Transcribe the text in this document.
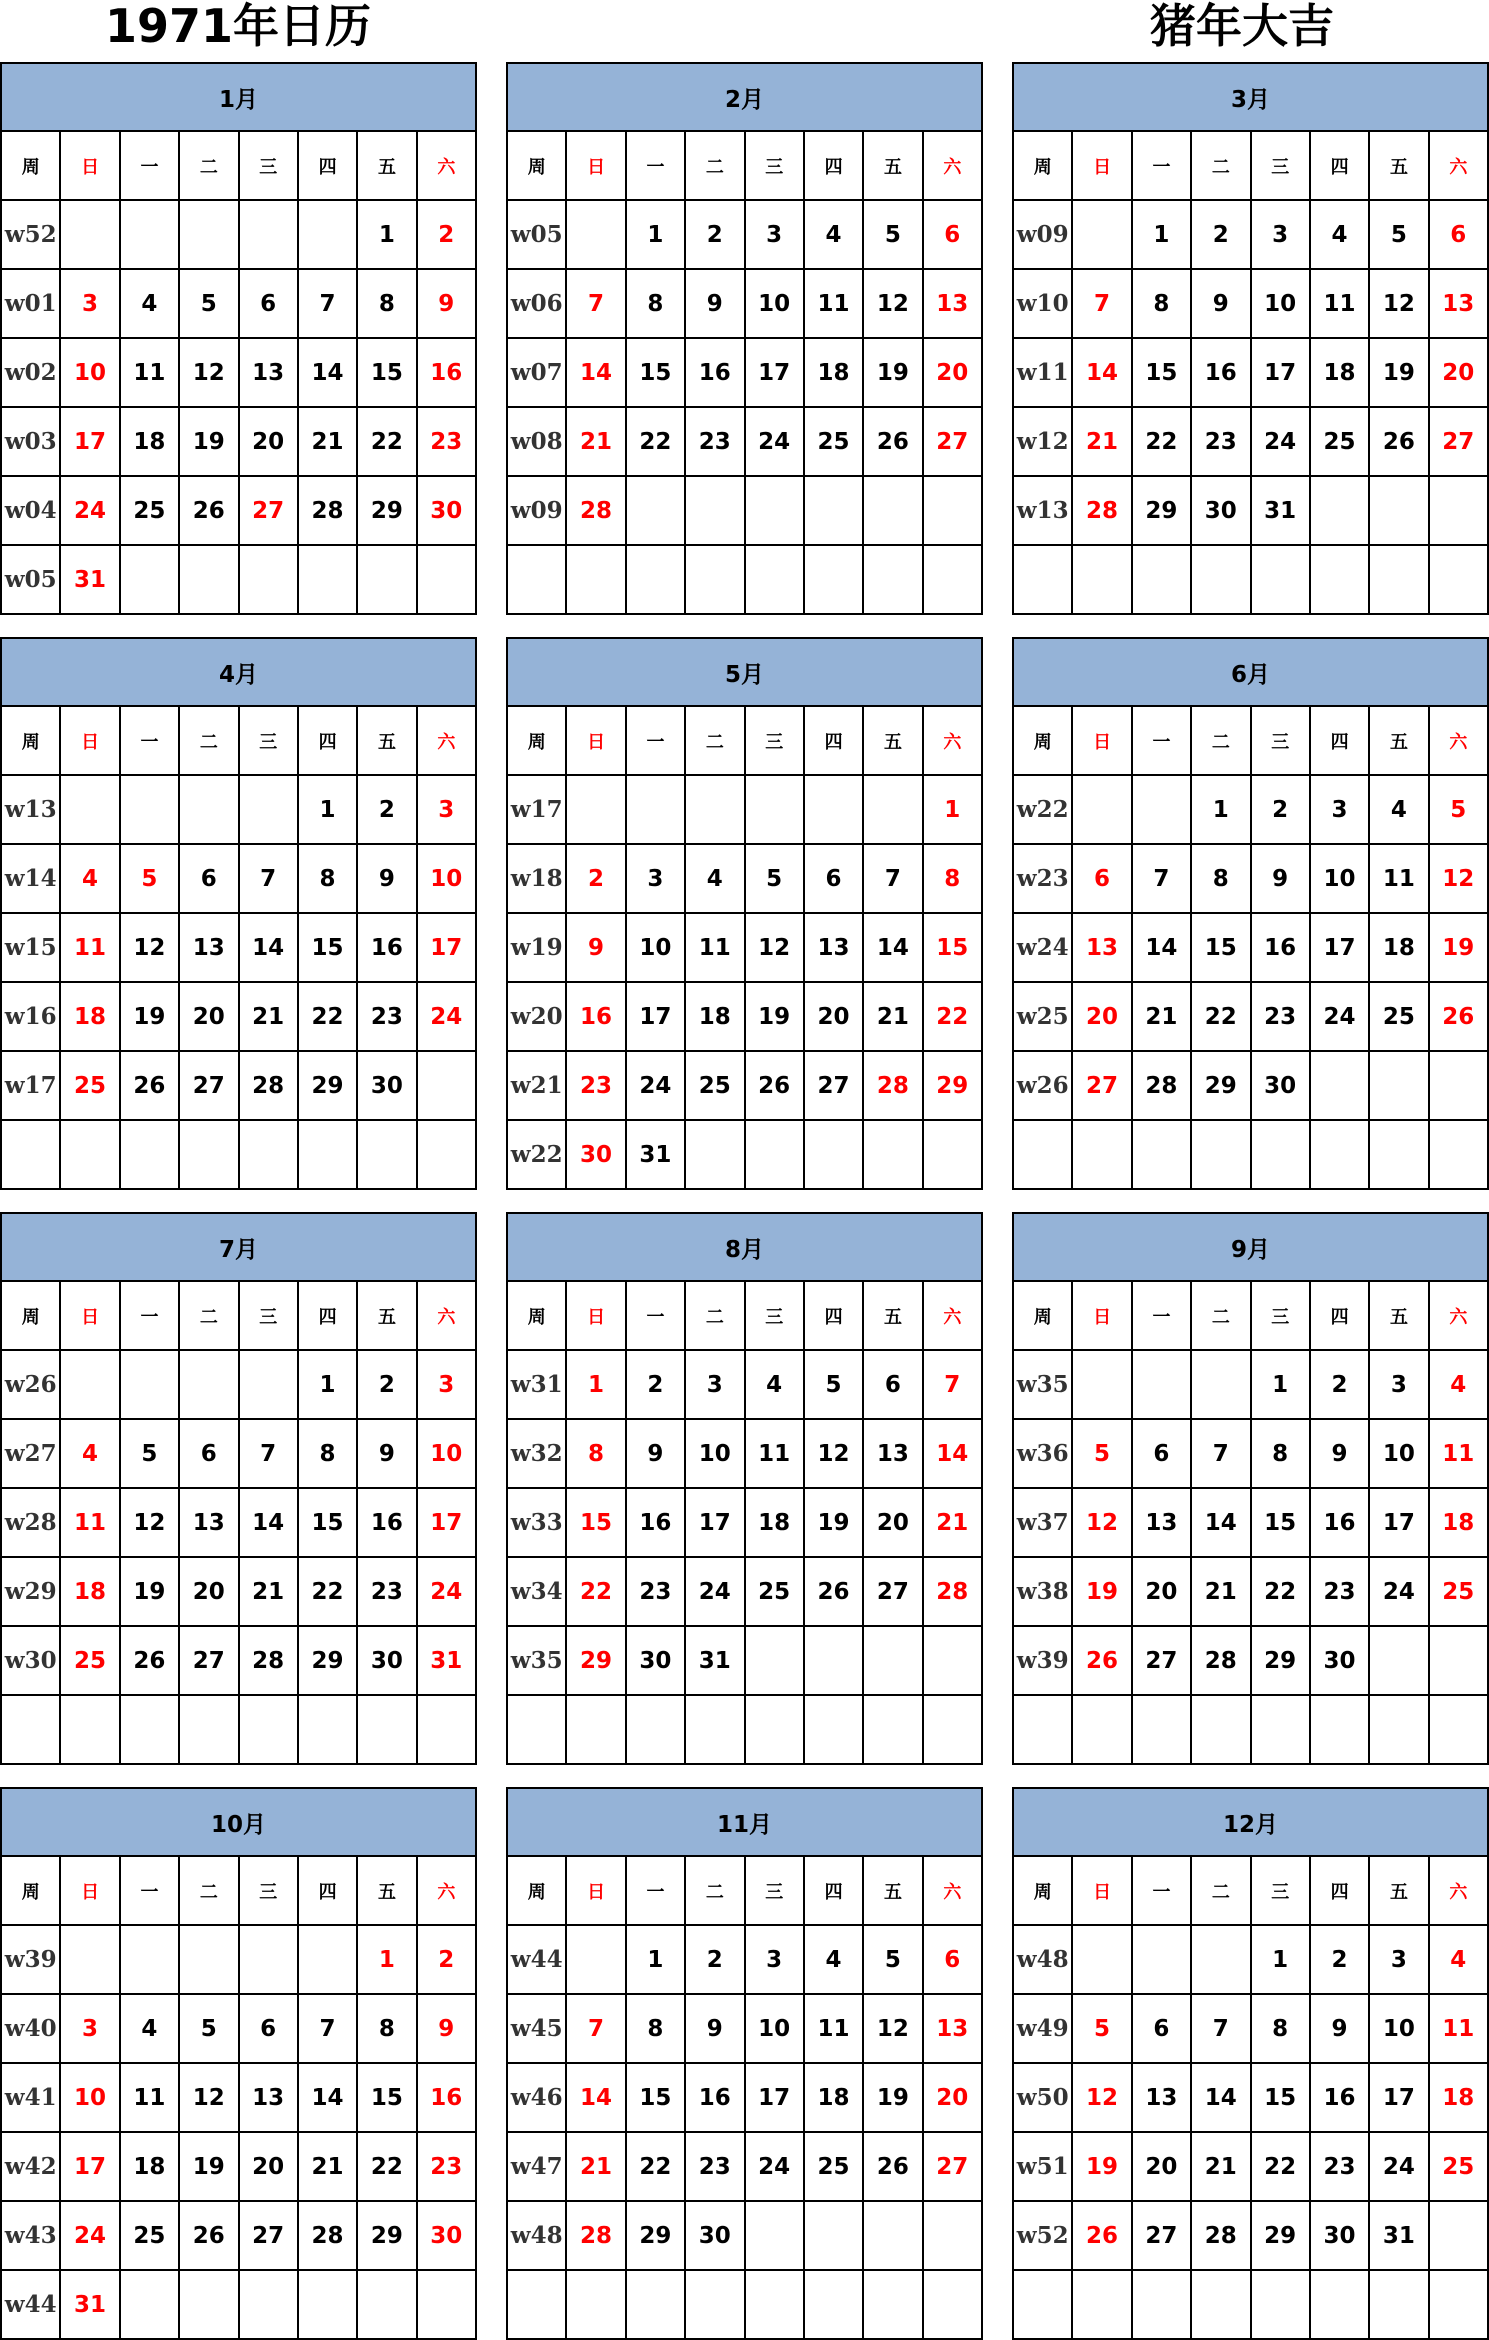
1971年日历	猪年大吉
1月							
周	日	一	二	三	四	五	六
w52						1	2
w01	3	4	5	6	7	8	9
w02	10	11	12	13	14	15	16
w03	17	18	19	20	21	22	23
w04	24	25	26	27	28	29	30
w05	31						
2月							
周	日	一	二	三	四	五	六
w05		1	2	3	4	5	6
w06	7	8	9	10	11	12	13
w07	14	15	16	17	18	19	20
w08	21	22	23	24	25	26	27
w09	28						

3月							
周	日	一	二	三	四	五	六
w09		1	2	3	4	5	6
w10	7	8	9	10	11	12	13
w11	14	15	16	17	18	19	20
w12	21	22	23	24	25	26	27
w13	28	29	30	31			

4月							
周	日	一	二	三	四	五	六
w13					1	2	3
w14	4	5	6	7	8	9	10
w15	11	12	13	14	15	16	17
w16	18	19	20	21	22	23	24
w17	25	26	27	28	29	30	

5月							
周	日	一	二	三	四	五	六
w17							1
w18	2	3	4	5	6	7	8
w19	9	10	11	12	13	14	15
w20	16	17	18	19	20	21	22
w21	23	24	25	26	27	28	29
w22	30	31					
6月							
周	日	一	二	三	四	五	六
w22			1	2	3	4	5
w23	6	7	8	9	10	11	12
w24	13	14	15	16	17	18	19
w25	20	21	22	23	24	25	26
w26	27	28	29	30			

7月							
周	日	一	二	三	四	五	六
w26					1	2	3
w27	4	5	6	7	8	9	10
w28	11	12	13	14	15	16	17
w29	18	19	20	21	22	23	24
w30	25	26	27	28	29	30	31

8月							
周	日	一	二	三	四	五	六
w31	1	2	3	4	5	6	7
w32	8	9	10	11	12	13	14
w33	15	16	17	18	19	20	21
w34	22	23	24	25	26	27	28
w35	29	30	31				

9月							
周	日	一	二	三	四	五	六
w35				1	2	3	4
w36	5	6	7	8	9	10	11
w37	12	13	14	15	16	17	18
w38	19	20	21	22	23	24	25
w39	26	27	28	29	30		

10月							
周	日	一	二	三	四	五	六
w39						1	2
w40	3	4	5	6	7	8	9
w41	10	11	12	13	14	15	16
w42	17	18	19	20	21	22	23
w43	24	25	26	27	28	29	30
w44	31						
11月							
周	日	一	二	三	四	五	六
w44		1	2	3	4	5	6
w45	7	8	9	10	11	12	13
w46	14	15	16	17	18	19	20
w47	21	22	23	24	25	26	27
w48	28	29	30				

12月							
周	日	一	二	三	四	五	六
w48				1	2	3	4
w49	5	6	7	8	9	10	11
w50	12	13	14	15	16	17	18
w51	19	20	21	22	23	24	25
w52	26	27	28	29	30	31	
